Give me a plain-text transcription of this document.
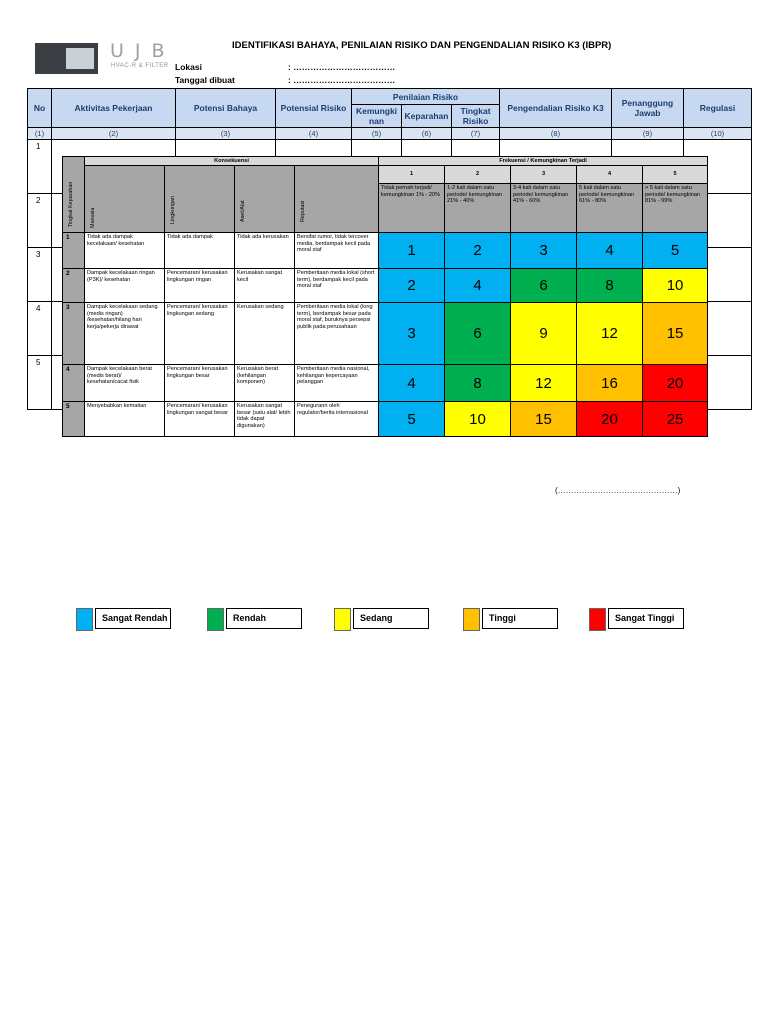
UJB
HVAC-R & FILTER
IDENTIFIKASI BAHAYA, PENILAIAN RISIKO DAN PENGENDALIAN RISIKO K3 (IBPR)
Lokasi	: ………………………………
Tanggal dibuat	: ………………………………
No	Aktivitas Pekerjaan	Potensi Bahaya	Potensial Risiko	Penilaian Risiko			Pengendalian Risiko K3	Penanggung Jawab	Regulasi
				Kemungki nan	Keparahan	Tingkat Risiko			
(1)	(2)	(3)	(4)	(5)	(6)	(7)	(8)	(9)	(10)
1									
2									
3									
4									
5									
Tingkat Keparahan	Konsekuensi				Frekuensi / Kemungkinan Terjadi				

	Manusia	Lingkungan	Aset/Alat	Reputasi	1	2	3	4	5
					Tidak pernah terjadi/ kemungkinan 1% - 20%	1-2 kali dalam satu periode/ kemungkinan 21% - 40%	3-4 kali dalam satu periode/ kemungkinan 41% - 60%	5 kali dalam satu periode/ kemungkinan 61% - 80%	> 5 kali dalam satu periode/ kemungkinan 81% - 99%
1	Tidak ada dampak kecelakaan/ kesehatan	Tidak ada dampak	Tidak ada kerusakan	Bersifat rumor, tidak tercover media, berdampak kecil pada moral staf	1	2	3	4	5
2	Dampak kecelakaan ringan (P3K)/ kesehatan	Pencemaran/ kerusakan lingkungan ringan	Kerusakan sangat kecil	Pemberitaan media lokal (short term), berdampak kecil pada moral staf	2	4	6	8	10
3	Dampak kecelakaan sedang (medis ringan) /kesehatan/hilang hari kerja/pekerja dirawat	Pencemaran/ kerusakan lingkungan sedang	Kerusakan sedang	Pemberitaan media lokal (long term), berdampak besar pada moral staf, buruknya persepsi publik pada perusahaan	3	6	9	12	15
4	Dampak kecelakaan berat (medis berat)/ kesehatan/cacat fisik	Pencemaran/ kerusakan lingkungan besar	Kerusakan berat (kehilangan komponen)	Pemberitaan media nasional, kehilangan kepercayaan pelanggan	4	8	12	16	20
5	Menyebabkan kematian	Pencemaran/ kerusakan lingkungan sangat besar	Kerusakan sangat besar (satu alat/ lebih tidak dapat digunakan)	Penegurann oleh regulator/berita internasional	5	10	15	20	25
(………………………………………)
Sangat Rendah	Rendah	Sedang	Tinggi	Sangat Tinggi
